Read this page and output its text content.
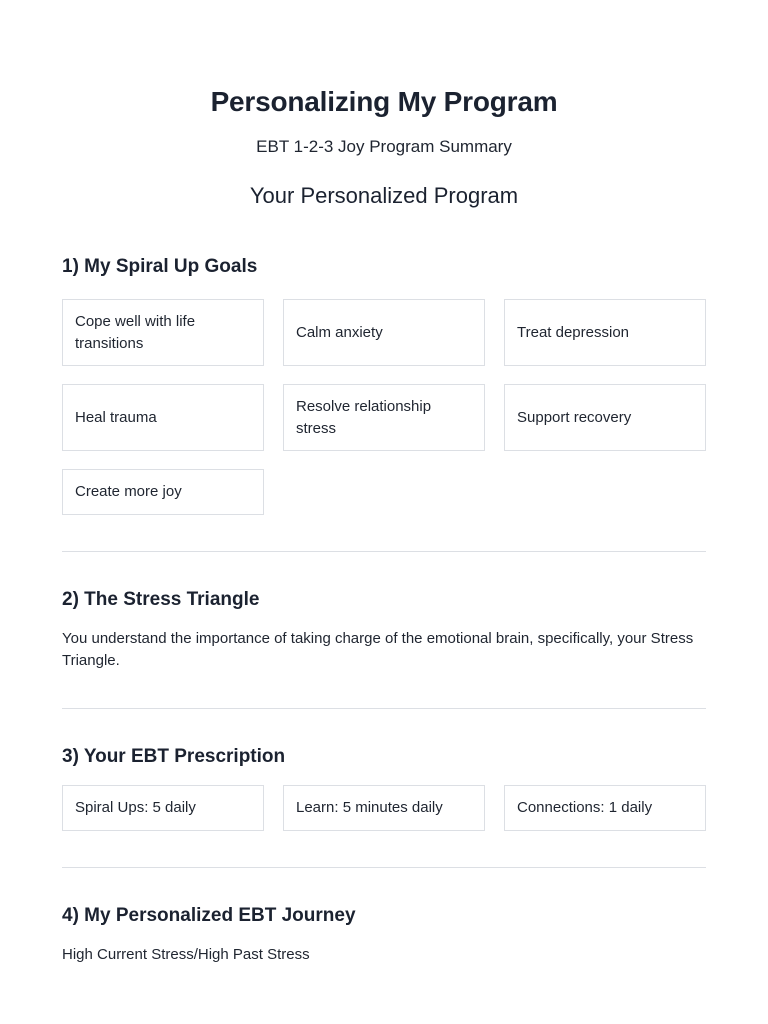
Personalizing My Program
EBT 1-2-3 Joy Program Summary
Your Personalized Program
1) My Spiral Up Goals
Cope well with life transitions
Calm anxiety	Treat depression
Heal trauma
Resolve relationship stress
Support recovery
Create more joy
2) The Stress Triangle
You understand the importance of taking charge of the emotional brain, specifically, your Stress Triangle.
3) Your EBT Prescription
Spiral Ups: 5 daily	Learn: 5 minutes daily	Connections: 1 daily
4) My Personalized EBT Journey
High Current Stress/High Past Stress
